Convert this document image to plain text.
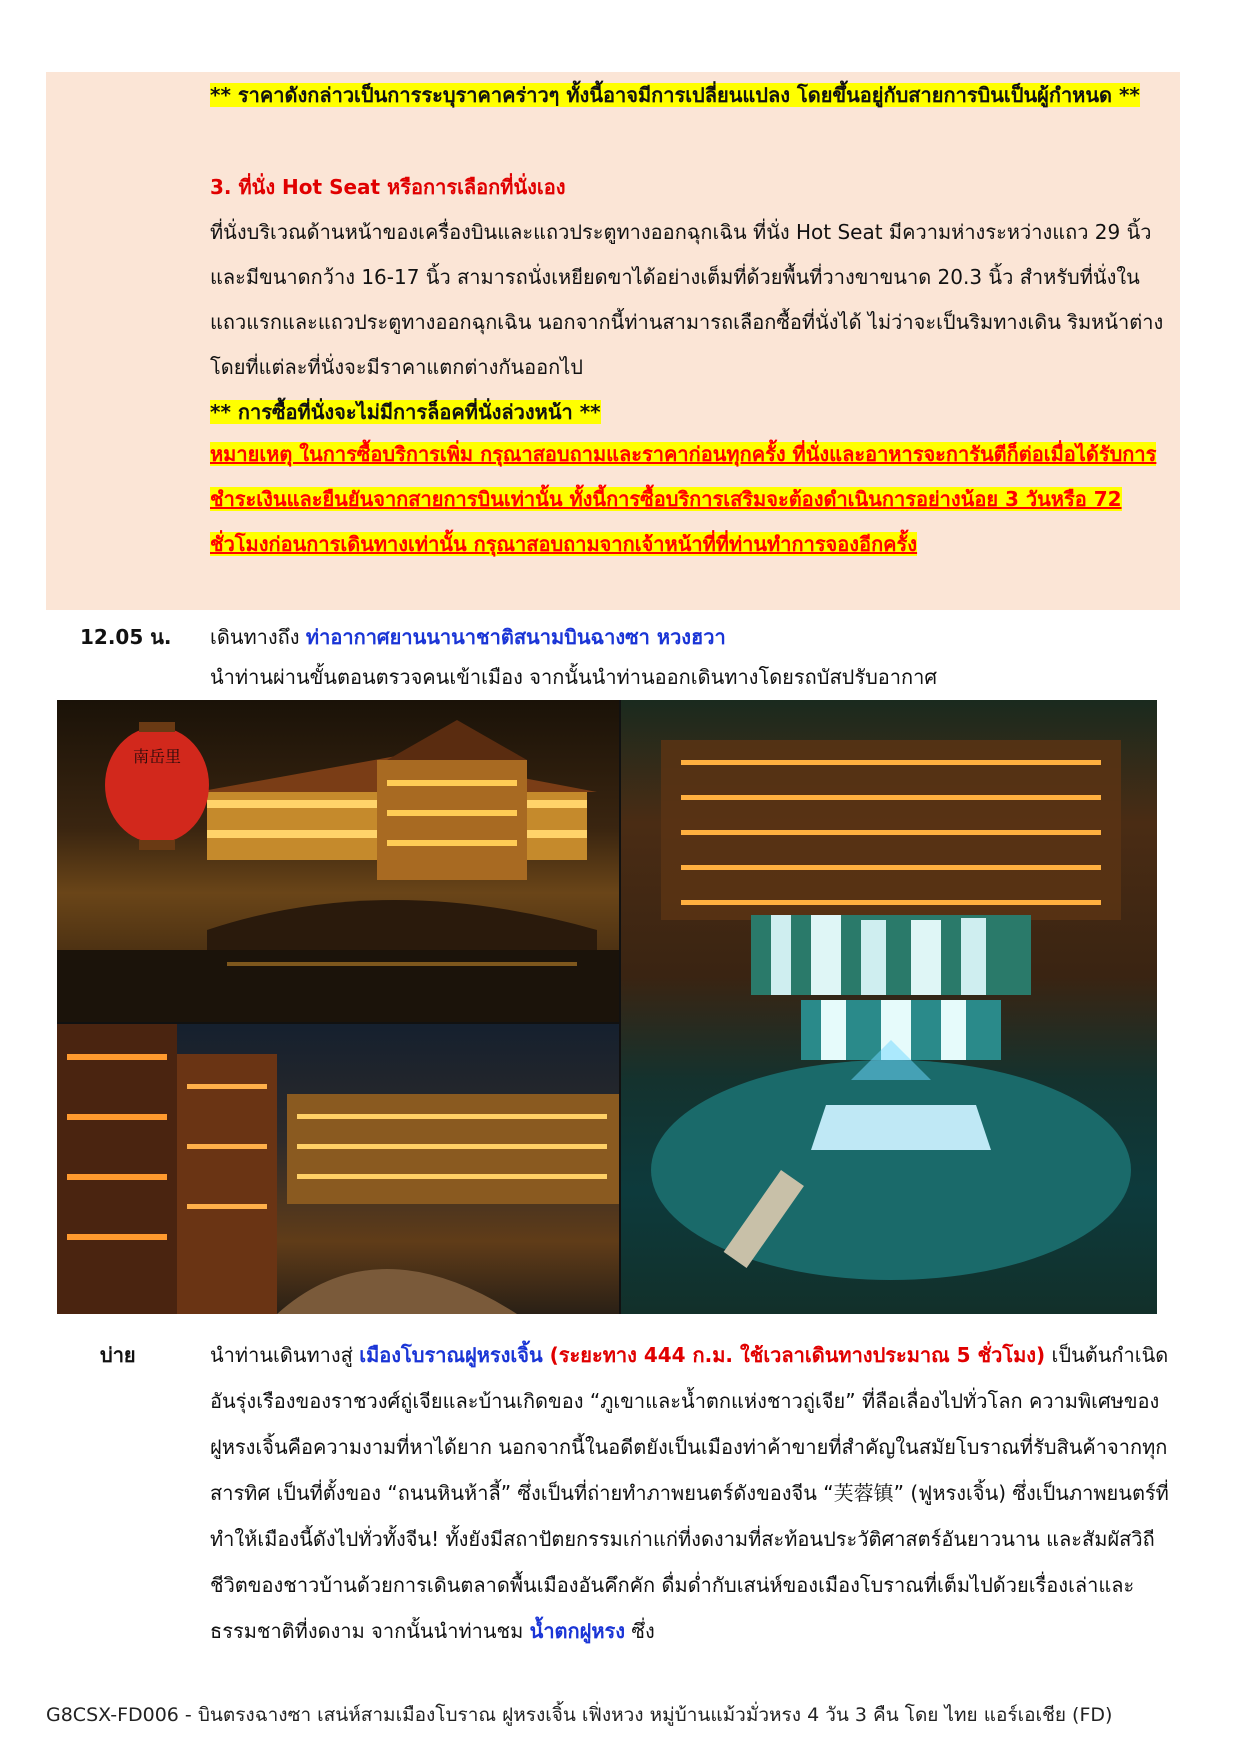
** ราคาดังกล่าวเป็นการระบุราคาคร่าวๆ ทั้งนี้อาจมีการเปลี่ยนแปลง โดยขึ้นอยู่กับสายการบินเป็นผู้กำหนด **
3. ที่นั่ง Hot Seat หรือการเลือกที่นั่งเอง
ที่นั่งบริเวณด้านหน้าของเครื่องบินและแถวประตูทางออกฉุกเฉิน ที่นั่ง Hot Seat มีความห่างระหว่างแถว 29 นิ้ว และมีขนาดกว้าง 16-17 นิ้ว สามารถนั่งเหยียดขาได้อย่างเต็มที่ด้วยพื้นที่วางขาขนาด 20.3 นิ้ว สำหรับที่นั่งในแถวแรกและแถวประตูทางออกฉุกเฉิน นอกจากนี้ท่านสามารถเลือกซื้อที่นั่งได้ ไม่ว่าจะเป็นริมทางเดิน ริมหน้าต่าง โดยที่แต่ละที่นั่งจะมีราคาแตกต่างกันออกไป
** การซื้อที่นั่งจะไม่มีการล็อคที่นั่งล่วงหน้า **
หมายเหตุ ในการซื้อบริการเพิ่ม กรุณาสอบถามและราคาก่อนทุกครั้ง ที่นั่งและอาหารจะการันตีก็ต่อเมื่อได้รับการชำระเงินและยืนยันจากสายการบินเท่านั้น ทั้งนี้การซื้อบริการเสริมจะต้องดำเนินการอย่างน้อย 3 วันหรือ 72 ชั่วโมงก่อนการเดินทางเท่านั้น กรุณาสอบถามจากเจ้าหน้าที่ที่ท่านทำการจองอีกครั้ง
12.05 น. เดินทางถึง ท่าอากาศยานนานาชาติสนามบินฉางซา หวงฮวา
นำท่านผ่านขั้นตอนตรวจคนเข้าเมือง จากนั้นนำท่านออกเดินทางโดยรถบัสปรับอากาศ
南岳里
บ่าย	นำท่านเดินทางสู่ เมืองโบราณฝูหรงเจิ้น (ระยะทาง 444 ก.ม. ใช้เวลาเดินทางประมาณ 5 ชั่วโมง) เป็นต้นกำเนิดอันรุ่งเรืองของราชวงศ์ถู่เจียและบ้านเกิดของ “ภูเขาและน้ำตกแห่งชาวถู่เจีย” ที่ลือเลื่องไปทั่วโลก ความพิเศษของฝูหรงเจิ้นคือความงามที่หาได้ยาก นอกจากนี้ในอดีตยังเป็นเมืองท่าค้าขายที่สำคัญในสมัยโบราณที่รับสินค้าจากทุกสารทิศ เป็นที่ตั้งของ “ถนนหินห้าลี้” ซึ่งเป็นที่ถ่ายทำภาพยนตร์ดังของจีน “芙蓉镇” (ฟูหรงเจิ้น) ซึ่งเป็นภาพยนตร์ที่ทำให้เมืองนี้ดังไปทั่วทั้งจีน! ทั้งยังมีสถาปัตยกรรมเก่าแก่ที่งดงามที่สะท้อนประวัติศาสตร์อันยาวนาน และสัมผัสวิถีชีวิตของชาวบ้านด้วยการเดินตลาดพื้นเมืองอันคึกคัก ดื่มด่ำกับเสน่ห์ของเมืองโบราณที่เต็มไปด้วยเรื่องเล่าและธรรมชาติที่งดงาม จากนั้นนำท่านชม น้ำตกฝูหรง ซึ่ง
G8CSX-FD006 - บินตรงฉางซา เสน่ห์สามเมืองโบราณ ฝูหรงเจิ้น เฟิ่งหวง หมู่บ้านแม้วมั่วหรง 4 วัน 3 คืน โดย ไทย แอร์เอเชีย (FD)
